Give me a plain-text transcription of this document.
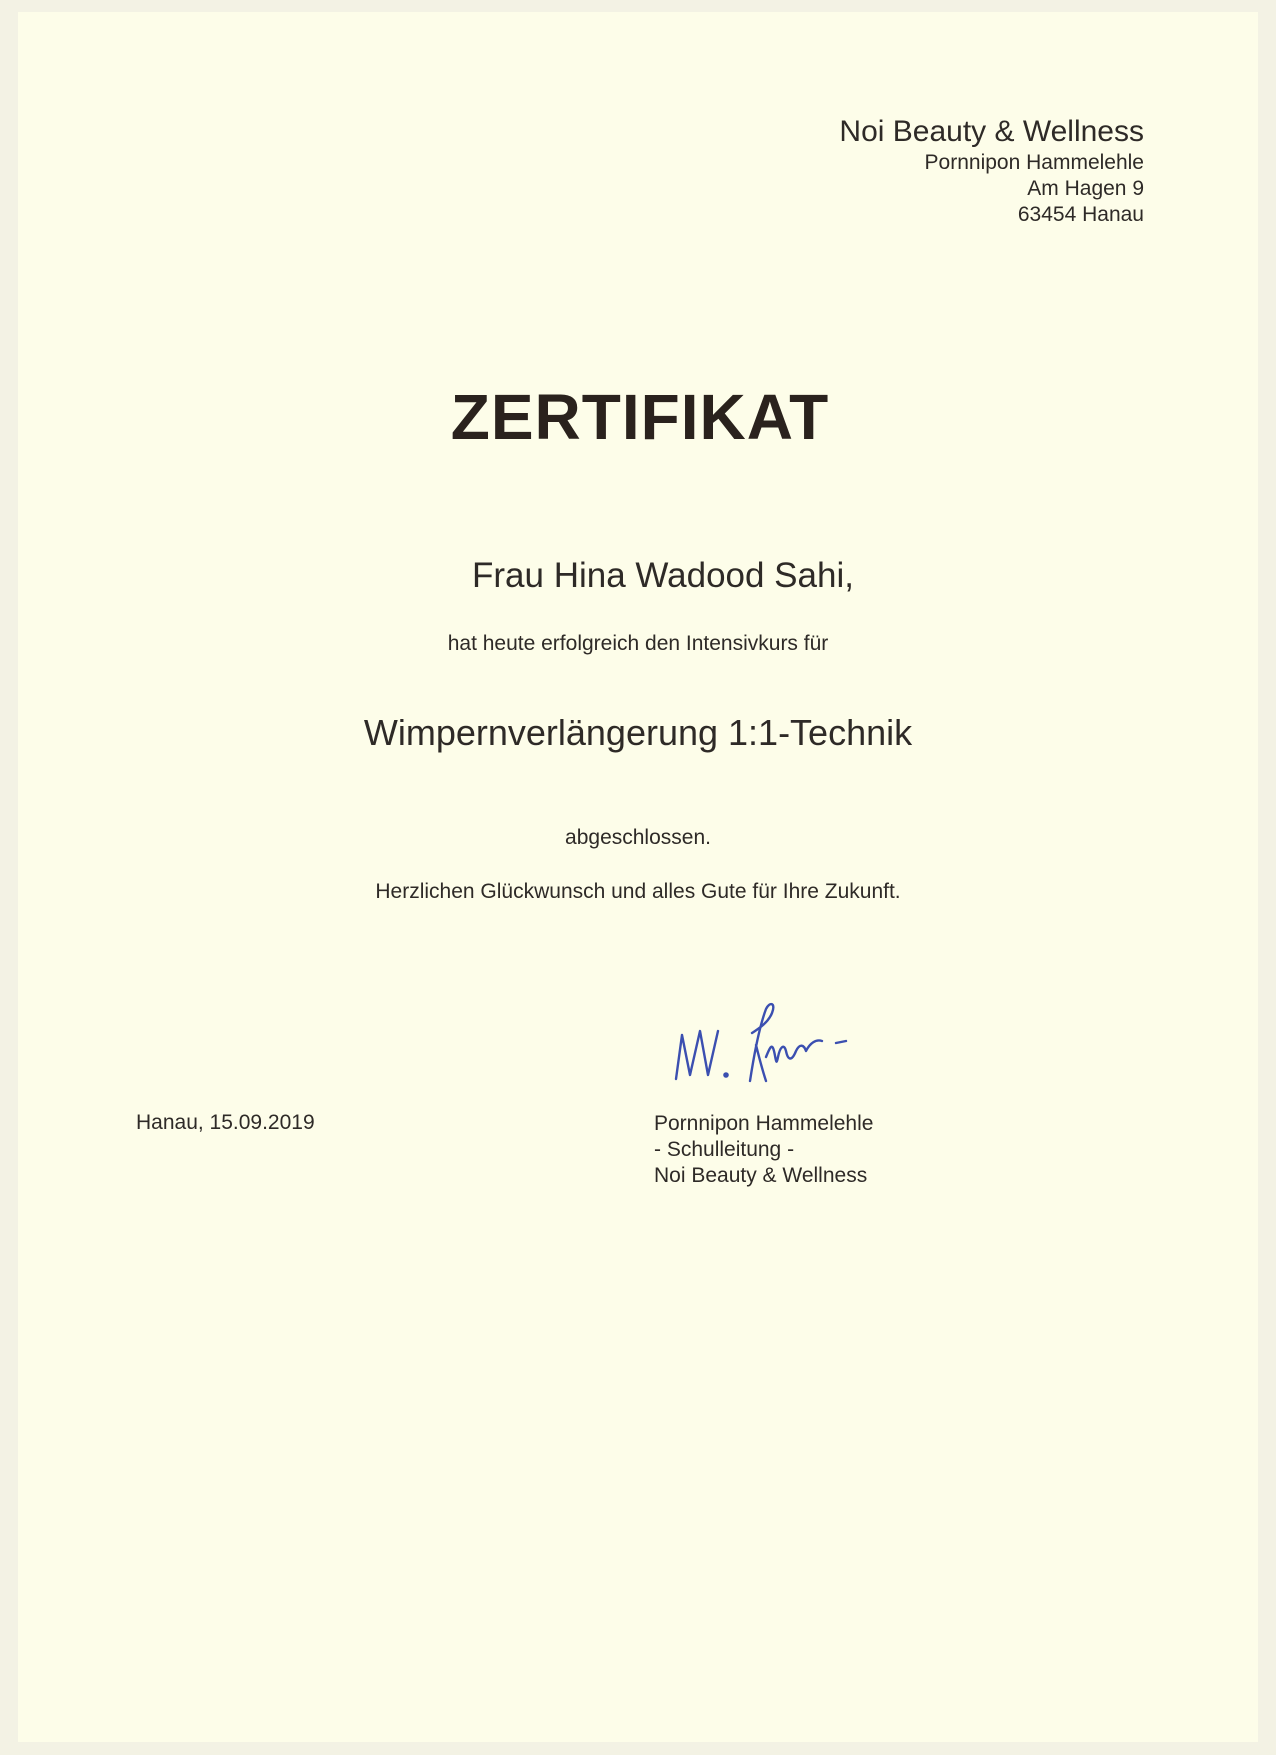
Noi Beauty & Wellness
Pornnipon Hammelehle
Am Hagen 9
63454 Hanau
ZERTIFIKAT
Frau Hina Wadood Sahi,
hat heute erfolgreich den Intensivkurs für
Wimpernverlängerung 1:1-Technik
abgeschlossen.
Herzlichen Glückwunsch und alles Gute für Ihre Zukunft.
Hanau, 15.09.2019	Pornnipon Hammelehle
- Schulleitung -
Noi Beauty & Wellness
